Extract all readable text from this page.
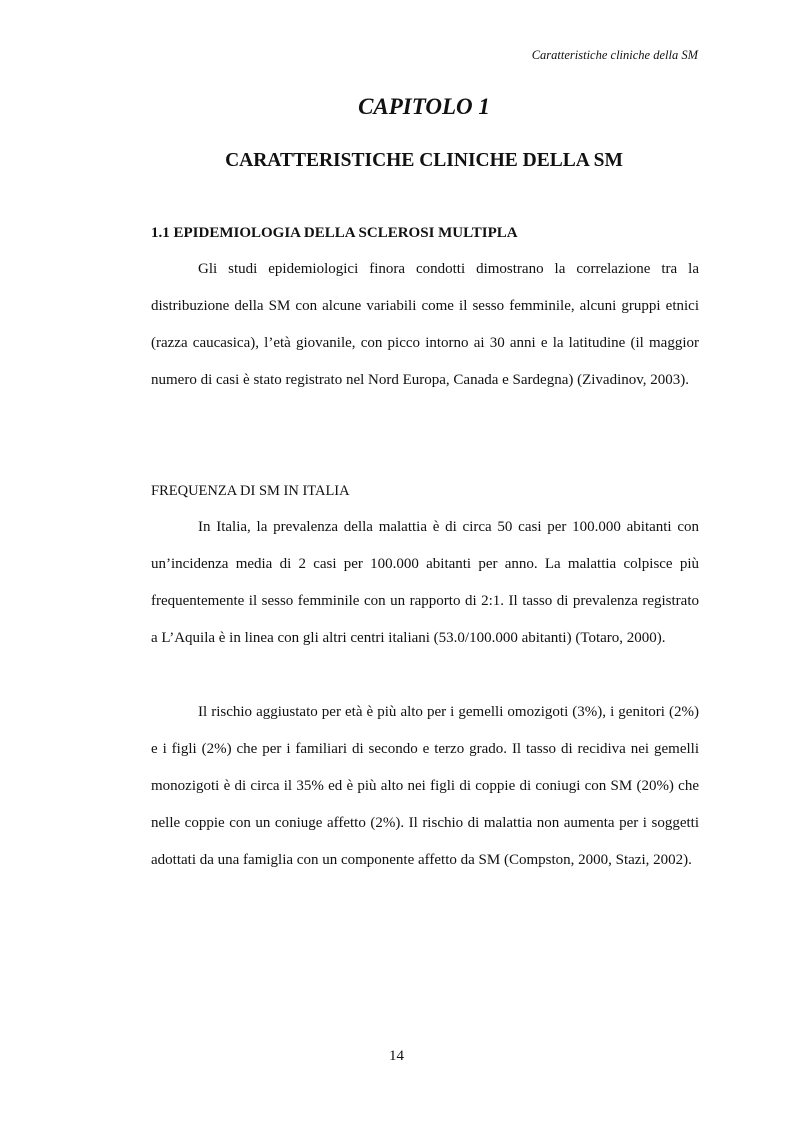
Caratteristiche cliniche della SM
CAPITOLO 1
CARATTERISTICHE CLINICHE DELLA SM
1.1 EPIDEMIOLOGIA DELLA SCLEROSI MULTIPLA

Gli studi epidemiologici finora condotti dimostrano la correlazione tra la distribuzione della SM con alcune variabili come il sesso femminile, alcuni gruppi etnici (razza caucasica), l’età giovanile, con picco intorno ai 30 anni e la latitudine (il maggior numero di casi è stato registrato nel Nord Europa, Canada e Sardegna) (Zivadinov, 2003).

FREQUENZA DI SM IN ITALIA

In Italia, la prevalenza della malattia è di circa 50 casi per 100.000 abitanti con un’incidenza media di 2 casi per 100.000 abitanti per anno. La malattia colpisce più frequentemente il sesso femminile con un rapporto di 2:1. Il tasso di prevalenza registrato a L’Aquila è in linea con gli altri centri italiani (53.0/100.000 abitanti) (Totaro, 2000).

Il rischio aggiustato per età è più alto per i gemelli omozigoti (3%), i genitori (2%) e i figli (2%) che per i familiari di secondo e terzo grado. Il tasso di recidiva nei gemelli monozigoti è di circa il 35% ed è più alto nei figli di coppie di coniugi con SM (20%) che nelle coppie con un coniuge affetto (2%). Il rischio di malattia non aumenta per i soggetti adottati da una famiglia con un componente affetto da SM (Compston, 2000, Stazi, 2002).

14
